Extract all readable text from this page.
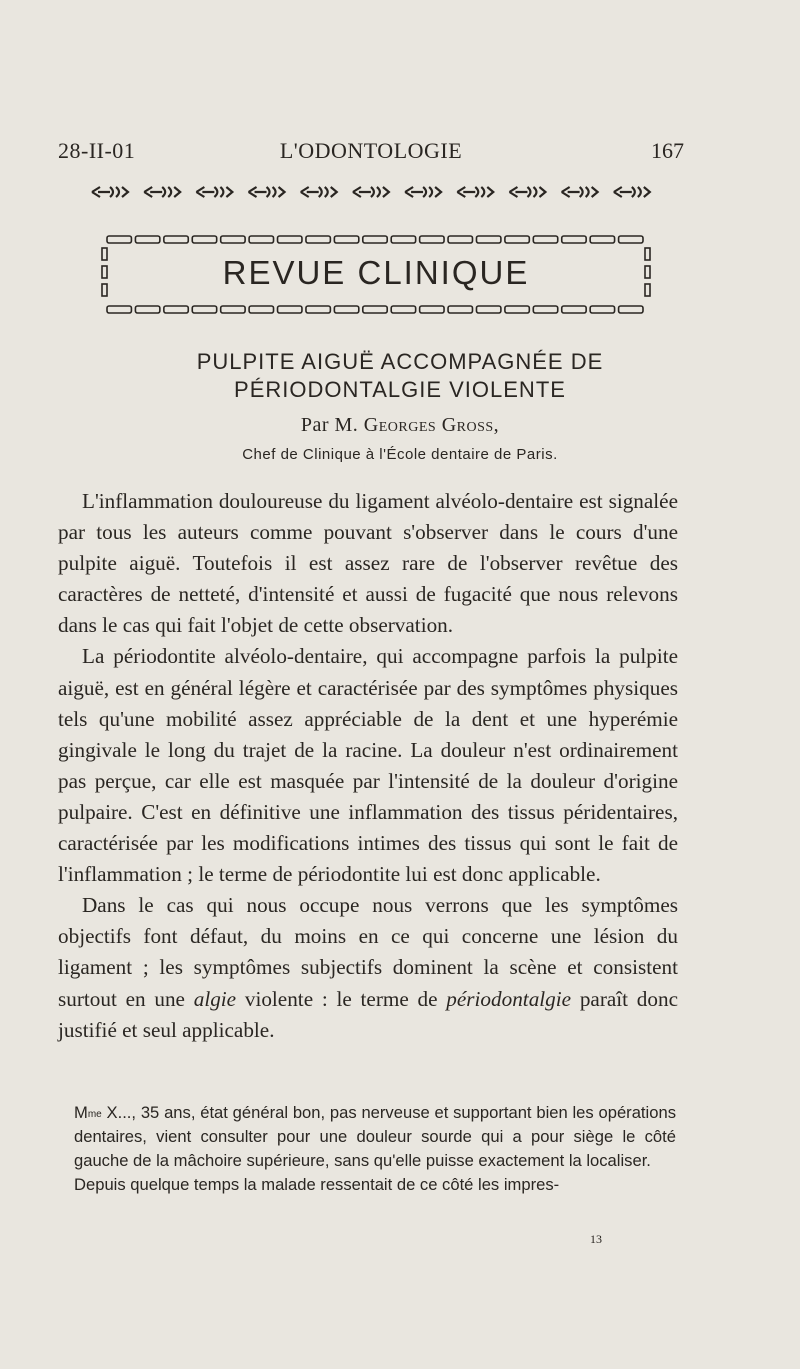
28-II-01	L'ODONTOLOGIE	167
REVUE CLINIQUE
PULPITE AIGUË ACCOMPAGNÉE DE
PÉRIODONTALGIE VIOLENTE
Par M. Georges Gross,
Chef de Clinique à l'École dentaire de Paris.

L'inflammation douloureuse du ligament alvéolo-dentaire est signalée par tous les auteurs comme pouvant s'observer dans le cours d'une pulpite aiguë. Toutefois il est assez rare de l'observer revêtue des caractères de netteté, d'intensité et aussi de fugacité que nous relevons dans le cas qui fait l'objet de cette observation.

La périodontite alvéolo-dentaire, qui accompagne parfois la pulpite aiguë, est en général légère et caractérisée par des symptômes physiques tels qu'une mobilité assez appréciable de la dent et une hyperémie gingivale le long du trajet de la racine. La douleur n'est ordinairement pas perçue, car elle est masquée par l'intensité de la douleur d'origine pulpaire. C'est en définitive une inflammation des tissus péridentaires, caractérisée par les modifications intimes des tissus qui sont le fait de l'inflammation ; le terme de périodontite lui est donc applicable.

Dans le cas qui nous occupe nous verrons que les symptômes objectifs font défaut, du moins en ce qui concerne une lésion du ligament ; les symptômes subjectifs dominent la scène et consistent surtout en une algie violente : le terme de périodontalgie paraît donc justifié et seul applicable.

$M^{me}$ X..., 35 ans, état général bon, pas nerveuse et supportant bien les opérations dentaires, vient consulter pour une douleur sourde qui a pour siège le côté gauche de la mâchoire supérieure, sans qu'elle puisse exactement la localiser.

Depuis quelque temps la malade ressentait de ce côté les impres-

13
